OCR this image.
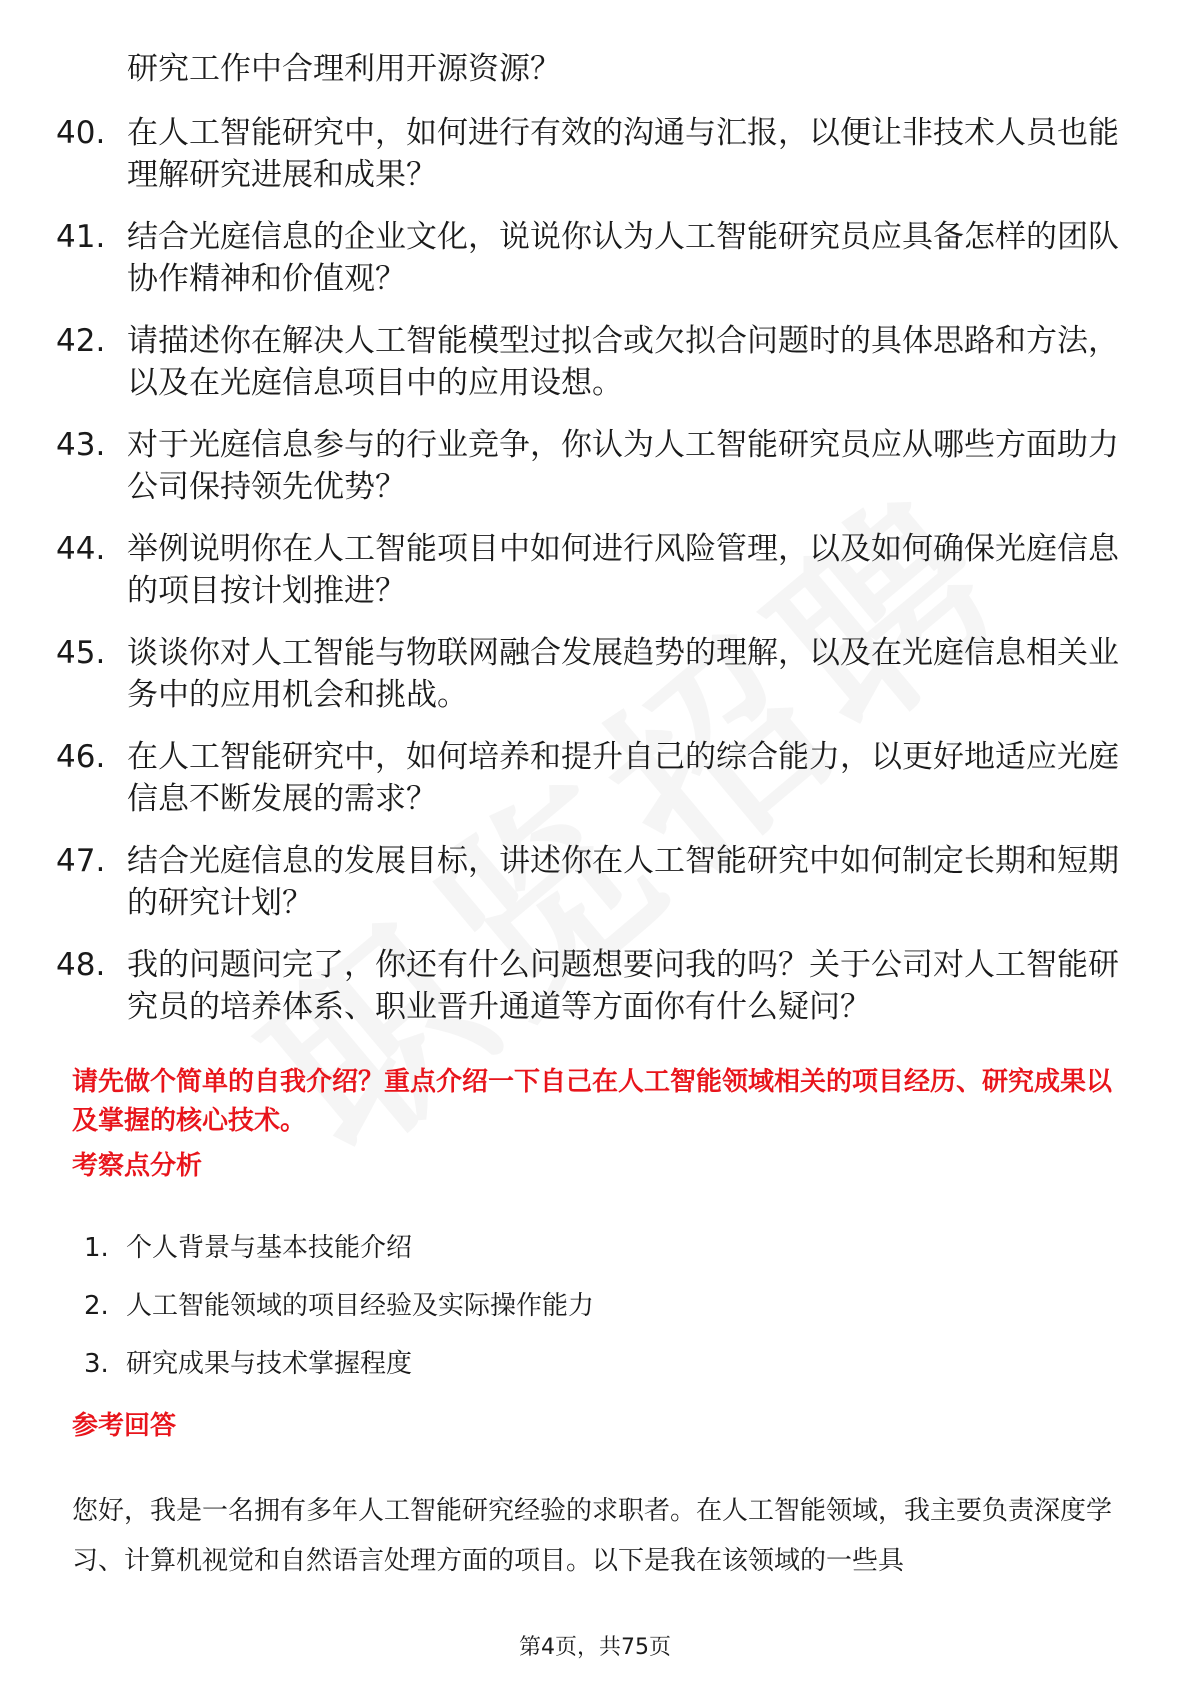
研究工作中合理利用开源资源？

40. 在人工智能研究中，如何进行有效的沟通与汇报，以便让非技术人员也能理解研究进展和成果？
41. 结合光庭信息的企业文化，说说你认为人工智能研究员应具备怎样的团队协作精神和价值观？
42. 请描述你在解决人工智能模型过拟合或欠拟合问题时的具体思路和方法，以及在光庭信息项目中的应用设想。
43. 对于光庭信息参与的行业竞争，你认为人工智能研究员应从哪些方面助力公司保持领先优势？
44. 举例说明你在人工智能项目中如何进行风险管理，以及如何确保光庭信息的项目按计划推进？
45. 谈谈你对人工智能与物联网融合发展趋势的理解，以及在光庭信息相关业务中的应用机会和挑战。
46. 在人工智能研究中，如何培养和提升自己的综合能力，以更好地适应光庭信息不断发展的需求？
47. 结合光庭信息的发展目标，讲述你在人工智能研究中如何制定长期和短期的研究计划？
48. 我的问题问完了，你还有什么问题想要问我的吗？关于公司对人工智能研究员的培养体系、职业晋升通道等方面你有什么疑问？

请先做个简单的自我介绍？重点介绍一下自己在人工智能领域相关的项目经历、研究成果以及掌握的核心技术。

考察点分析
1. 个人背景与基本技能介绍
2. 人工智能领域的项目经验及实际操作能力
3. 研究成果与技术掌握程度
参考回答

您好，我是一名拥有多年人工智能研究经验的求职者。在人工智能领域，我主要负责深度学习、计算机视觉和自然语言处理方面的项目。以下是我在该领域的一些具

第4页，共75页
